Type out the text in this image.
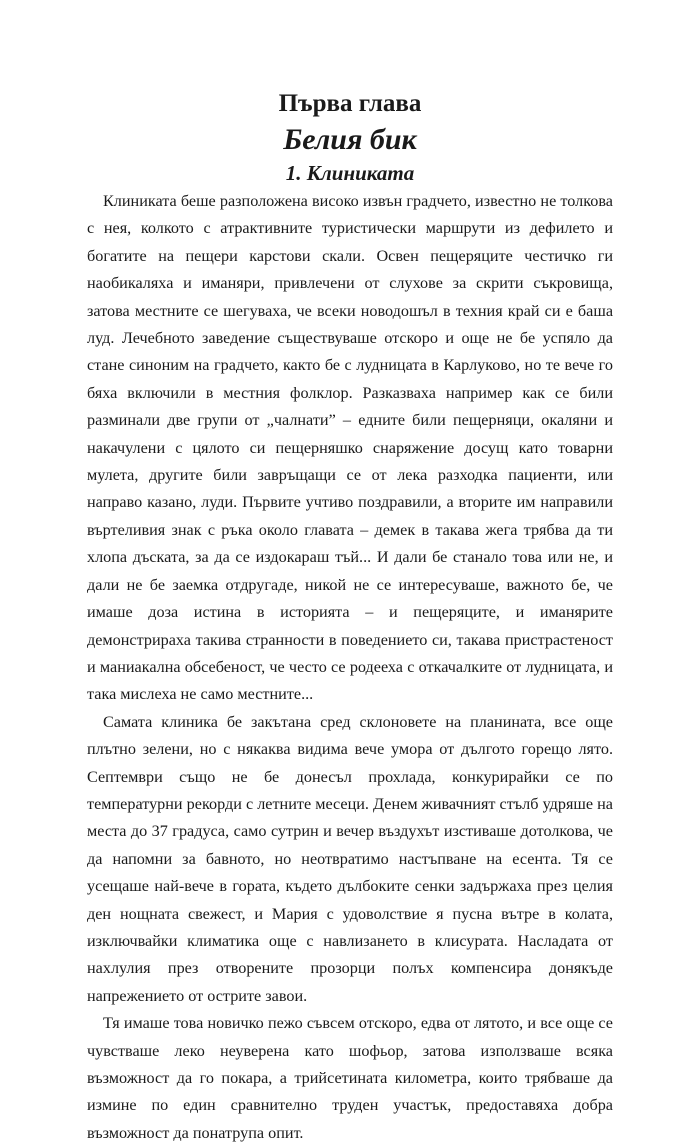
Първа глава
Белия бик
1. Клиниката

Клиниката беше разположена високо извън градчето, известно не толкова с нея, колкото с атрактивните туристически маршрути из дефилето и богатите на пещери карстови скали. Освен пещеряците честичко ги наобикаляха и иманяри, привлечени от слухове за скрити съкровища, затова местните се шегуваха, че всеки новодошъл в техния край си е баша луд. Лечебното заведение съществуваше отскоро и още не бе успяло да стане синоним на градчето, както бе с лудницата в Карлуково, но те вече го бяха включили в местния фолклор. Разказваха например как се били разминали две групи от „чалнати” – едните били пещерняци, окаляни и накачулени с цялото си пещерняшко снаряжение досущ като товарни мулета, другите били завръщащи се от лека разходка пациенти, или направо казано, луди. Първите учтиво поздравили, а вторите им направили въртеливия знак с ръка около главата – демек в такава жега трябва да ти хлопа дъската, за да се издокараш тъй... И дали бе станало това или не, и дали не бе заемка отдругаде, никой не се интересуваше, важното бе, че имаше доза истина в историята – и пещеряците, и иманярите демонстрираха такива странности в поведението си, такава пристрастеност и маниакална обсебеност, че често се родееха с откачалките от лудницата, и така мислеха не само местните...

Самата клиника бе закътана сред склоновете на планината, все още плътно зелени, но с някаква видима вече умора от дългото горещо лято. Септември също не бе донесъл прохлада, конкурирайки се по температурни рекорди с летните месеци. Денем живачният стълб удряше на места до 37 градуса, само сутрин и вечер въздухът изстиваше дотолкова, че да напомни за бавното, но неотвратимо настъпване на есента. Тя се усещаше най-вече в гората, където дълбоките сенки задържаха през целия ден нощната свежест, и Мария с удоволствие я пусна вътре в колата, изключвайки климатика още с навлизането в клисурата. Насладата от нахлулия през отворените прозорци полъх компенсира донякъде напрежението от острите завои.

Тя имаше това новичко пежо съвсем отскоро, едва от лятото, и все още се чувстваше леко неуверена като шофьор, затова използваше всяка възможност да го покара, а трийсетината километра, които трябваше да измине по един сравнително труден участък, предоставяха добра възможност да понатрупа опит.
